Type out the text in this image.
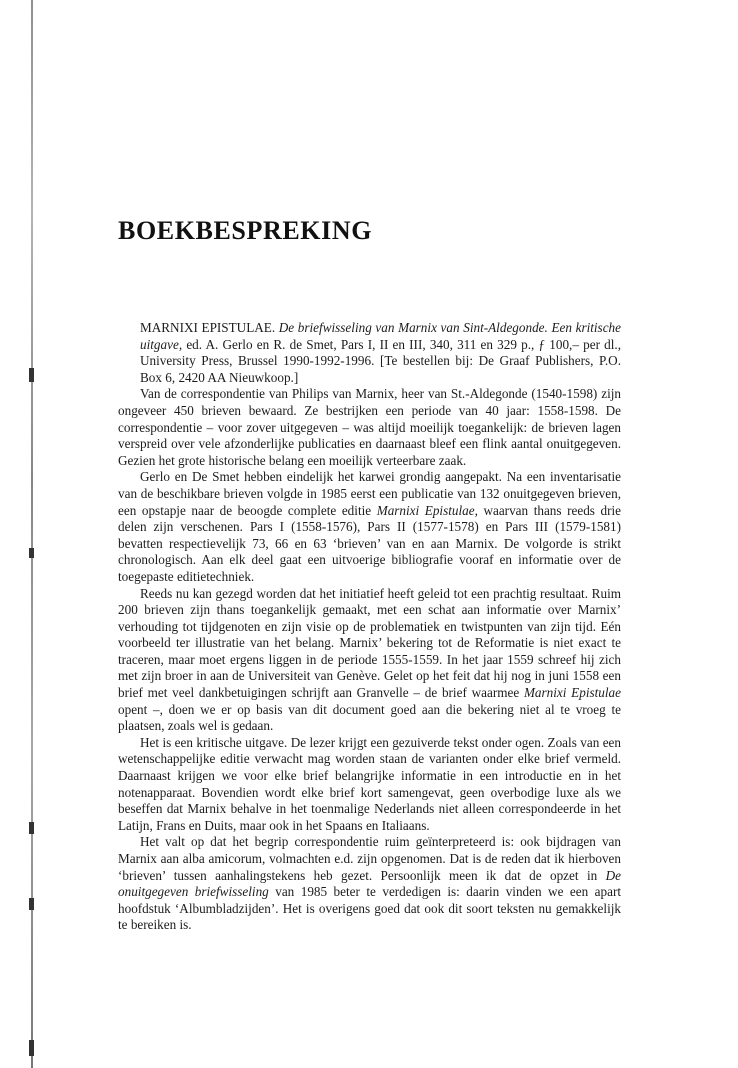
BOEKBESPREKING

MARNIXI EPISTULAE. De briefwisseling van Marnix van Sint-Aldegonde. Een kritische uitgave, ed. A. Gerlo en R. de Smet, Pars I, II en III, 340, 311 en 329 p., ƒ 100,– per dl., University Press, Brussel 1990-1992-1996. [Te bestellen bij: De Graaf Publishers, P.O. Box 6, 2420 AA Nieuwkoop.]

Van de correspondentie van Philips van Marnix, heer van St.-Aldegonde (1540-1598) zijn ongeveer 450 brieven bewaard. Ze bestrijken een periode van 40 jaar: 1558-1598. De correspondentie – voor zover uitgegeven – was altijd moeilijk toegankelijk: de brieven lagen verspreid over vele afzonderlijke publicaties en daarnaast bleef een flink aantal onuitgegeven. Gezien het grote historische belang een moeilijk verteerbare zaak.

Gerlo en De Smet hebben eindelijk het karwei grondig aangepakt. Na een inventarisatie van de beschikbare brieven volgde in 1985 eerst een publicatie van 132 onuitgegeven brieven, een opstapje naar de beoogde complete editie Marnixi Epistulae, waarvan thans reeds drie delen zijn verschenen. Pars I (1558-1576), Pars II (1577-1578) en Pars III (1579-1581) bevatten respectievelijk 73, 66 en 63 ‘brieven’ van en aan Marnix. De volgorde is strikt chronologisch. Aan elk deel gaat een uitvoerige bibliografie vooraf en informatie over de toegepaste editietechniek.

Reeds nu kan gezegd worden dat het initiatief heeft geleid tot een prachtig resultaat. Ruim 200 brieven zijn thans toegankelijk gemaakt, met een schat aan informatie over Marnix’ verhouding tot tijdgenoten en zijn visie op de problematiek en twistpunten van zijn tijd. Eén voorbeeld ter illustratie van het belang. Marnix’ bekering tot de Reformatie is niet exact te traceren, maar moet ergens liggen in de periode 1555-1559. In het jaar 1559 schreef hij zich met zijn broer in aan de Universiteit van Genève. Gelet op het feit dat hij nog in juni 1558 een brief met veel dankbetuigingen schrijft aan Granvelle – de brief waarmee Marnixi Epistulae opent –, doen we er op basis van dit document goed aan die bekering niet al te vroeg te plaatsen, zoals wel is gedaan.

Het is een kritische uitgave. De lezer krijgt een gezuiverde tekst onder ogen. Zoals van een wetenschappelijke editie verwacht mag worden staan de varianten onder elke brief vermeld. Daarnaast krijgen we voor elke brief belangrijke informatie in een introductie en in het notenapparaat. Bovendien wordt elke brief kort samengevat, geen overbodige luxe als we beseffen dat Marnix behalve in het toenmalige Nederlands niet alleen correspondeerde in het Latijn, Frans en Duits, maar ook in het Spaans en Italiaans.

Het valt op dat het begrip correspondentie ruim geïnterpreteerd is: ook bijdragen van Marnix aan alba amicorum, volmachten e.d. zijn opgenomen. Dat is de reden dat ik hierboven ‘brieven’ tussen aanhalingstekens heb gezet. Persoonlijk meen ik dat de opzet in De onuitgegeven briefwisseling van 1985 beter te verdedigen is: daarin vinden we een apart hoofdstuk ‘Albumbladzijden’. Het is overigens goed dat ook dit soort teksten nu gemakkelijk te bereiken is.
